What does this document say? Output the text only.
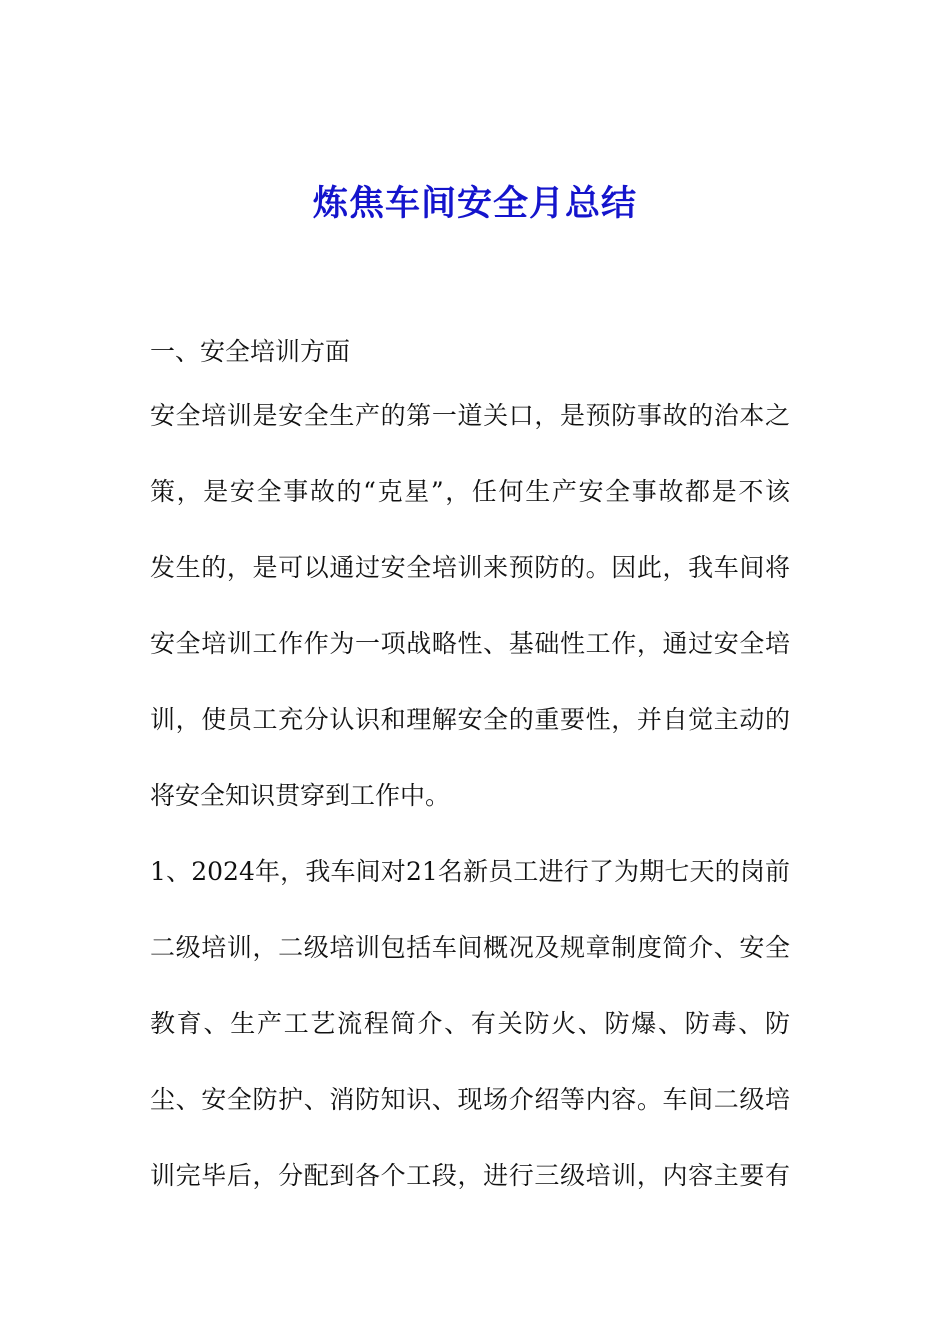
炼焦车间安全月总结
一、安全培训方面
安全培训是安全生产的第一道关口，是预防事故的治本之
策，是安全事故的“克星”，任何生产安全事故都是不该
发生的，是可以通过安全培训来预防的。因此，我车间将
安全培训工作作为一项战略性、基础性工作，通过安全培
训，使员工充分认识和理解安全的重要性，并自觉主动的
将安全知识贯穿到工作中。
1、2024年，我车间对21名新员工进行了为期七天的岗前
二级培训，二级培训包括车间概况及规章制度简介、安全
教育、生产工艺流程简介、有关防火、防爆、防毒、防
尘、安全防护、消防知识、现场介绍等内容。车间二级培
训完毕后，分配到各个工段，进行三级培训，内容主要有
